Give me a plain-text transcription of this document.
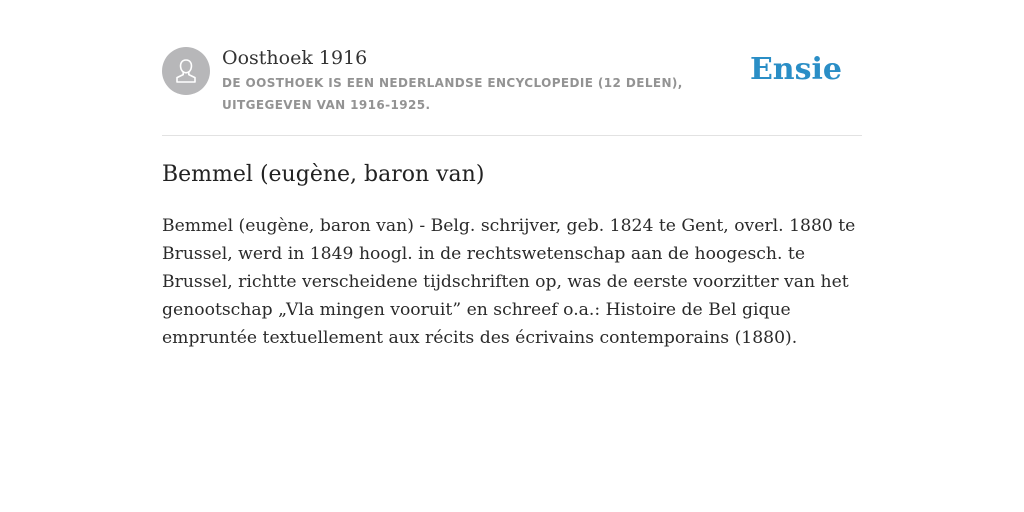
Oosthoek 1916
DE OOSTHOEK IS EEN NEDERLANDSE ENCYCLOPEDIE (12 DELEN), UITGEGEVEN VAN 1916-1925.
Ensie
Bemmel (eugène, baron van)

Bemmel (eugène, baron van) - Belg. schrijver, geb. 1824 te Gent, overl. 1880 te Brussel, werd in 1849 hoogl. in de rechtswetenschap aan de hoogesch. te Brussel, richtte verscheidene tijdschriften op, was de eerste voorzitter van het genootschap „Vla mingen vooruit” en schreef o.a.: Histoire de Bel gique empruntée textuellement aux récits des écrivains contemporains (1880).
